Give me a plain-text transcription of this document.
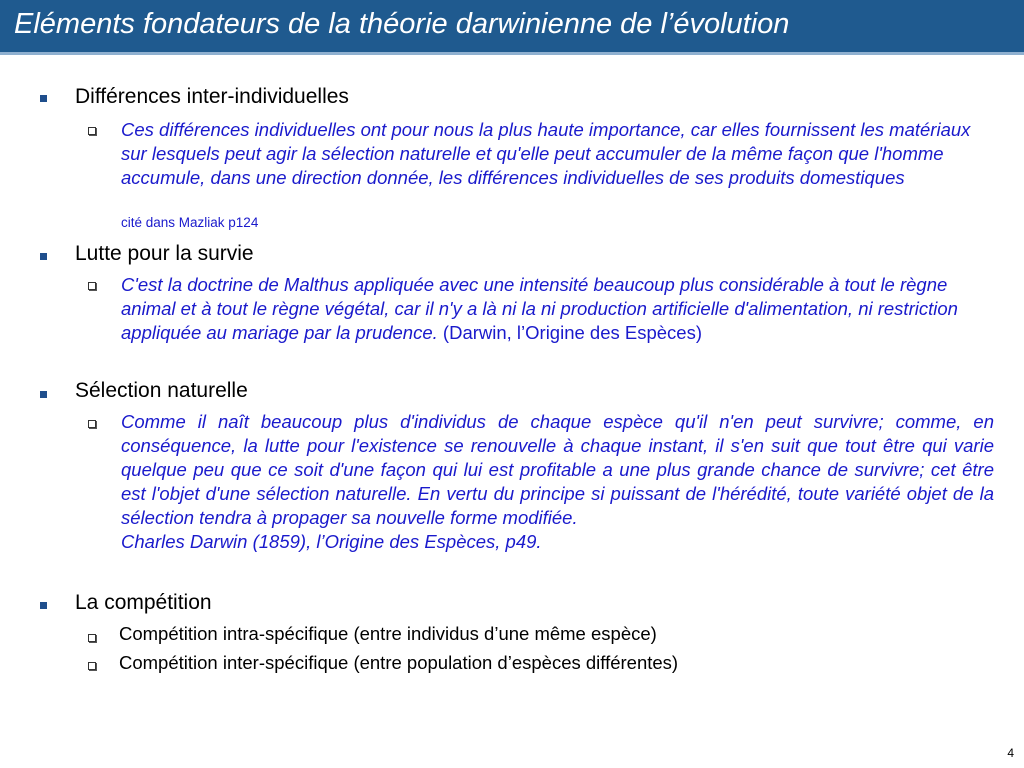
Eléments fondateurs de la théorie darwinienne de l’évolution
Différences inter-individuelles
Ces différences individuelles ont pour nous la plus haute importance, car elles fournissent les matériaux sur lesquels peut agir la sélection naturelle et qu'elle peut accumuler de la même façon que l'homme accumule, dans une direction donnée, les différences individuelles de ses produits domestiques
cité dans Mazliak p124
Lutte pour la survie
C'est la doctrine de Malthus appliquée avec une intensité beaucoup plus considérable à tout le règne animal et à tout le règne végétal, car il n'y a là ni la ni production artificielle d'alimentation, ni restriction appliquée au mariage par la prudence. (Darwin, l’Origine des Espèces)
Sélection naturelle
Comme il naît beaucoup plus d'individus de chaque espèce qu'il n'en peut survivre; comme, en conséquence, la lutte pour l'existence se renouvelle à chaque instant, il s'en suit que tout être qui varie quelque peu que ce soit d'une façon qui lui est profitable a une plus grande chance de survivre; cet être est l'objet d'une sélection naturelle. En vertu du principe si puissant de l'hérédité, toute variété objet de la sélection tendra à propager sa nouvelle forme modifiée.
Charles Darwin (1859), l’Origine des Espèces, p49.
La compétition
Compétition intra-spécifique (entre individus d’une même espèce)
Compétition inter-spécifique (entre population d’espèces différentes)
4
